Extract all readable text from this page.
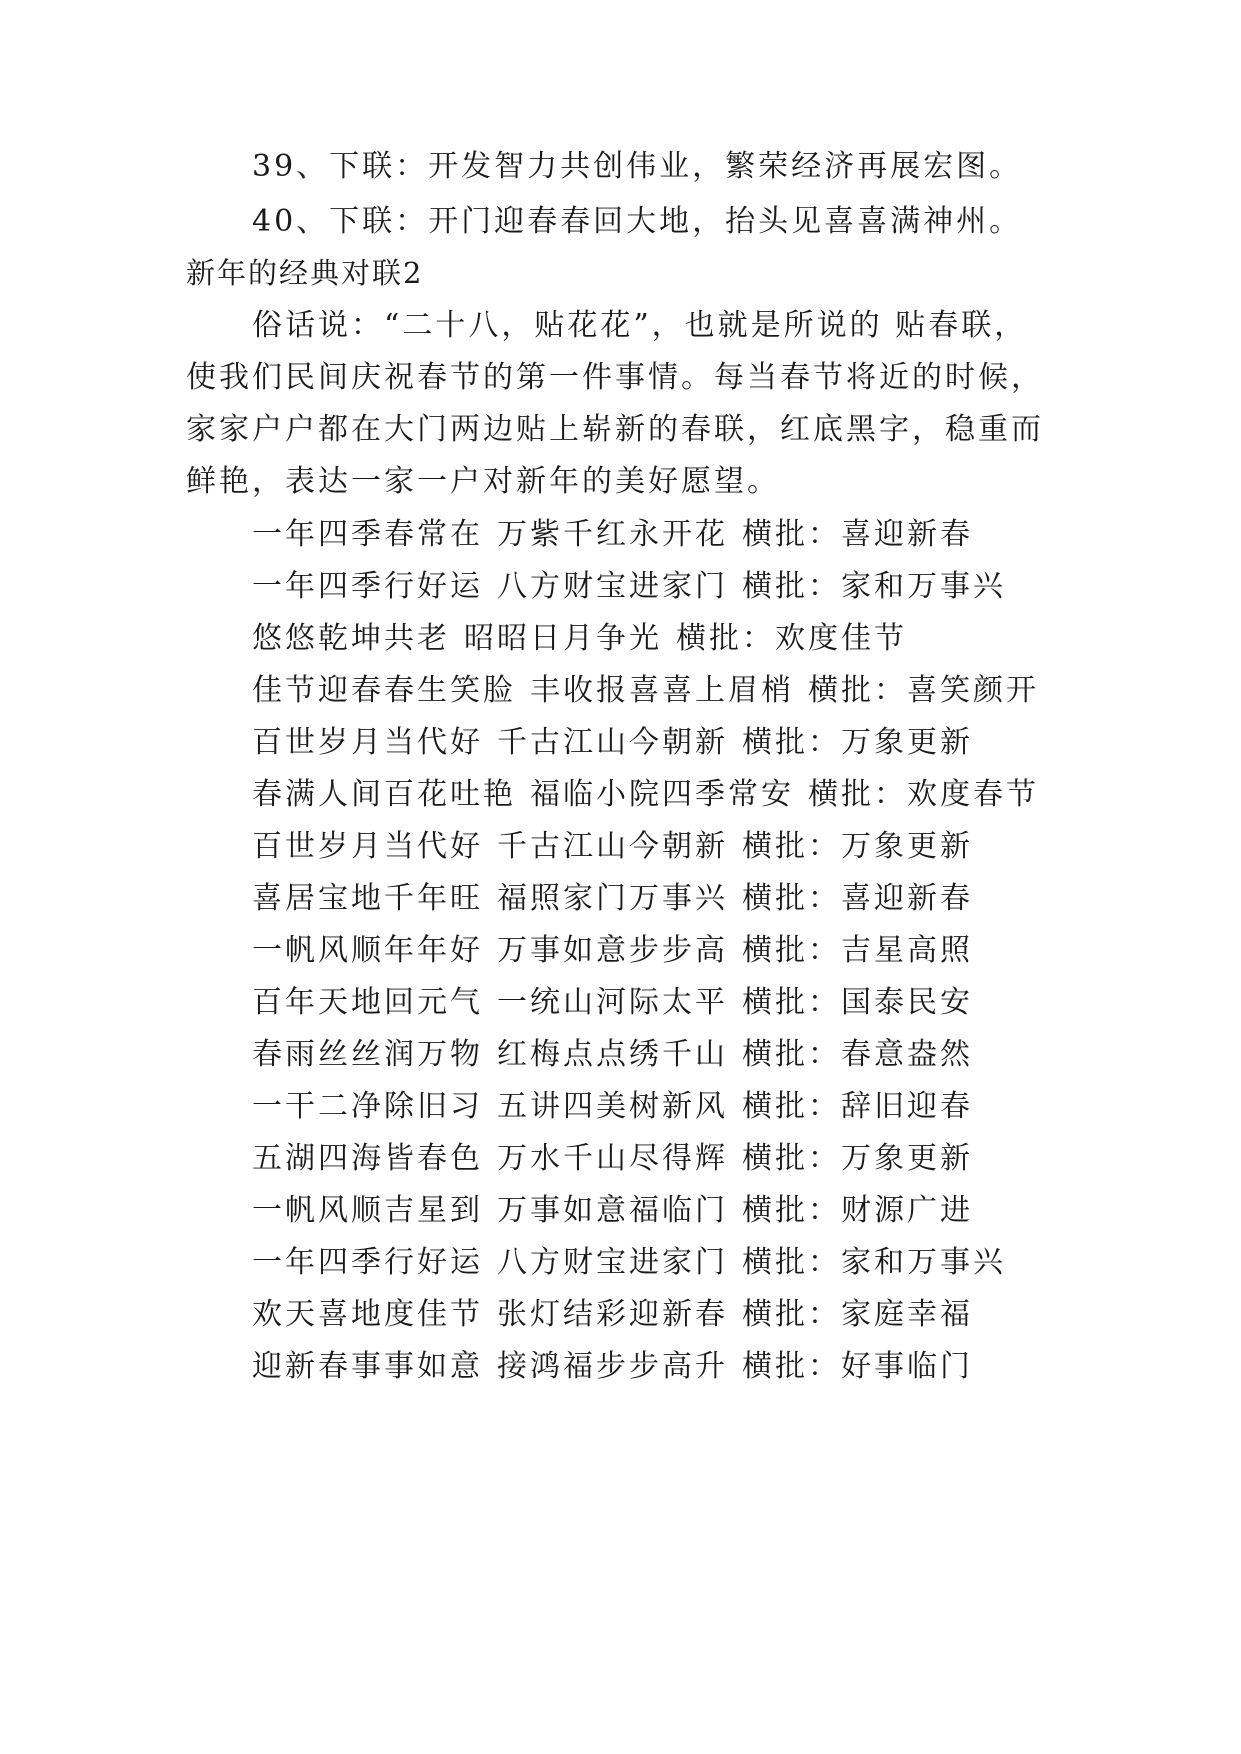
39、下联：开发智力共创伟业，繁荣经济再展宏图。
40、下联：开门迎春春回大地，抬头见喜喜满神州。
新年的经典对联2
俗话说：“二十八，贴花花”，也就是所说的 贴春联，
使我们民间庆祝春节的第一件事情。每当春节将近的时候，
家家户户都在大门两边贴上崭新的春联，红底黑字，稳重而
鲜艳，表达一家一户对新年的美好愿望。
一年四季春常在 万紫千红永开花 横批：喜迎新春
一年四季行好运 八方财宝进家门 横批：家和万事兴
悠悠乾坤共老 昭昭日月争光 横批：欢度佳节
佳节迎春春生笑脸 丰收报喜喜上眉梢 横批：喜笑颜开
百世岁月当代好 千古江山今朝新 横批：万象更新
春满人间百花吐艳 福临小院四季常安 横批：欢度春节
百世岁月当代好 千古江山今朝新 横批：万象更新
喜居宝地千年旺 福照家门万事兴 横批：喜迎新春
一帆风顺年年好 万事如意步步高 横批：吉星高照
百年天地回元气 一统山河际太平 横批：国泰民安
春雨丝丝润万物 红梅点点绣千山 横批：春意盎然
一干二净除旧习 五讲四美树新风 横批：辞旧迎春
五湖四海皆春色 万水千山尽得辉 横批：万象更新
一帆风顺吉星到 万事如意福临门 横批：财源广进
一年四季行好运 八方财宝进家门 横批：家和万事兴
欢天喜地度佳节 张灯结彩迎新春 横批：家庭幸福
迎新春事事如意 接鸿福步步高升 横批：好事临门
